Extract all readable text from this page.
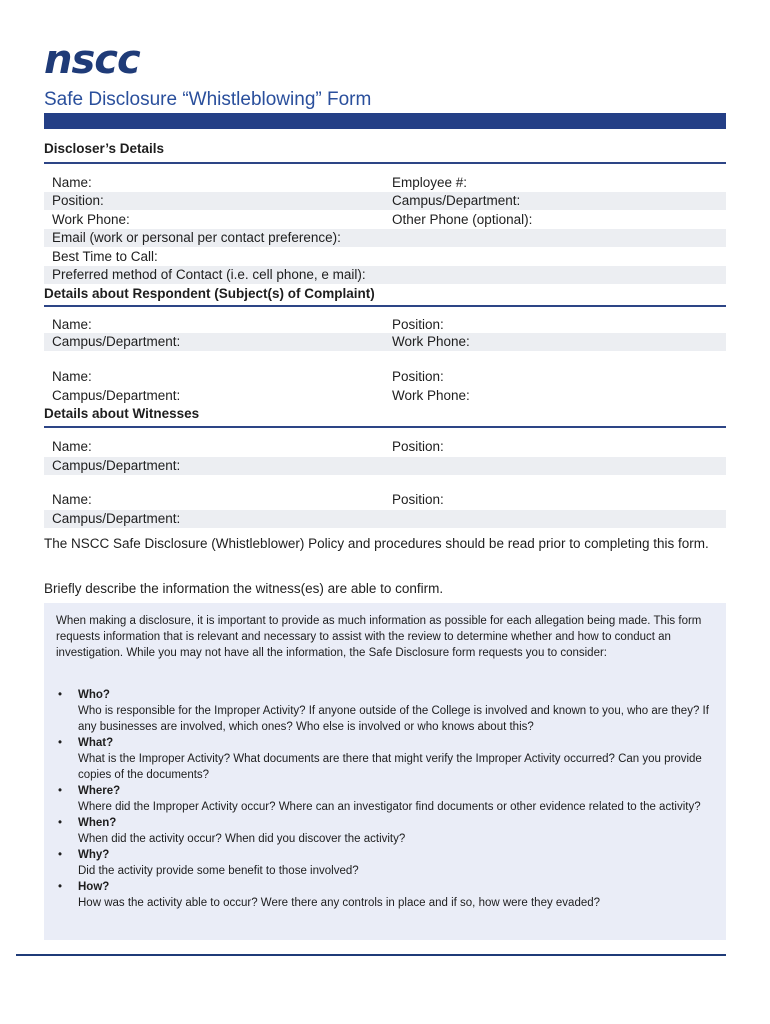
nscc
Safe Disclosure “Whistleblowing” Form
Discloser’s Details
Name:	Employee #:
Position:	Campus/Department:
Work Phone:	Other Phone (optional):
Email (work or personal per contact preference):
Best Time to Call:
Preferred method of Contact (i.e. cell phone, e mail):
Details about Respondent (Subject(s) of Complaint)
Name:	Position:
Campus/Department:	Work Phone:
Name:	Position:
Campus/Department:	Work Phone:
Details about Witnesses
Name:	Position:
Campus/Department:
Name:	Position:
Campus/Department:
The NSCC Safe Disclosure (Whistleblower) Policy and procedures should be read prior to completing this form.
Briefly describe the information the witness(es) are able to confirm.
When making a disclosure, it is important to provide as much information as possible for each allegation being made. This form requests information that is relevant and necessary to assist with the review to determine whether and how to conduct an investigation. While you may not have all the information, the Safe Disclosure form requests you to consider:
• Who?
Who is responsible for the Improper Activity? If anyone outside of the College is involved and known to you, who are they? If any businesses are involved, which ones? Who else is involved or who knows about this?
• What?
What is the Improper Activity? What documents are there that might verify the Improper Activity occurred? Can you provide copies of the documents?
• Where?
Where did the Improper Activity occur? Where can an investigator find documents or other evidence related to the activity?
• When?
When did the activity occur? When did you discover the activity?
• Why?
Did the activity provide some benefit to those involved?
• How?
How was the activity able to occur? Were there any controls in place and if so, how were they evaded?
